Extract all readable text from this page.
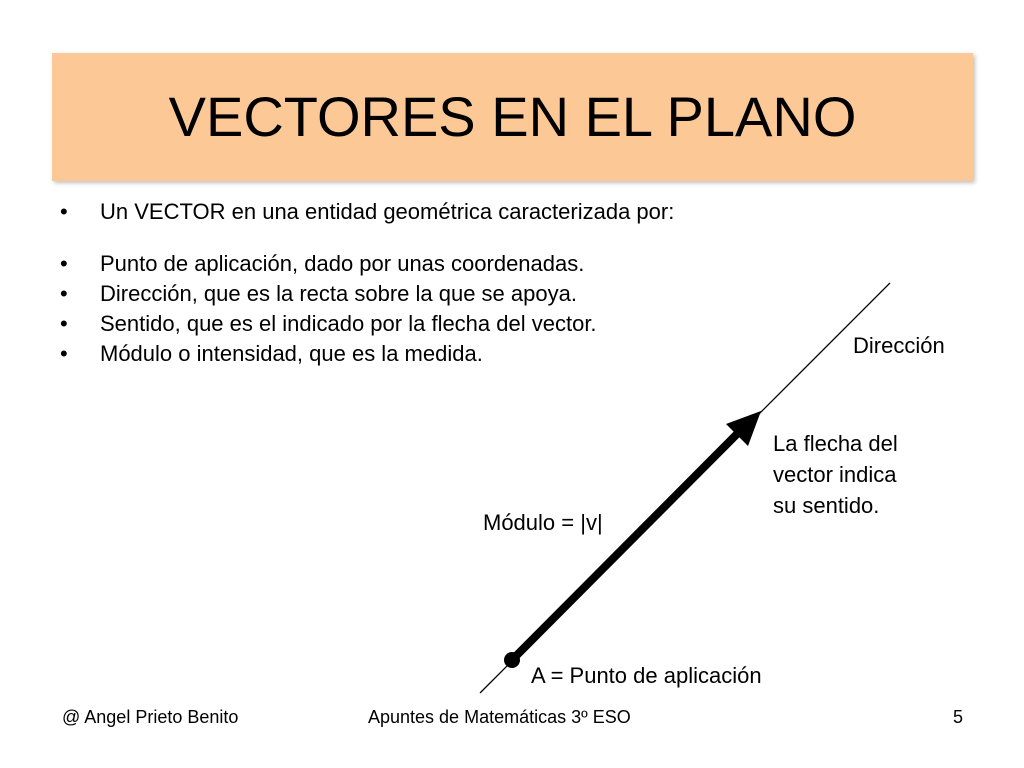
VECTORES EN EL PLANO
• Un VECTOR en una entidad geométrica caracterizada por:
• Punto de aplicación, dado por unas coordenadas.
• Dirección, que es la recta sobre la que se apoya.
• Sentido, que es el indicado por la flecha del vector.
• Módulo o intensidad, que es la medida.	Dirección
La flecha del
vector indica
su sentido.
Módulo = |v|
A = Punto de aplicación
@ Angel Prieto Benito	Apuntes de Matemáticas 3º ESO	5
